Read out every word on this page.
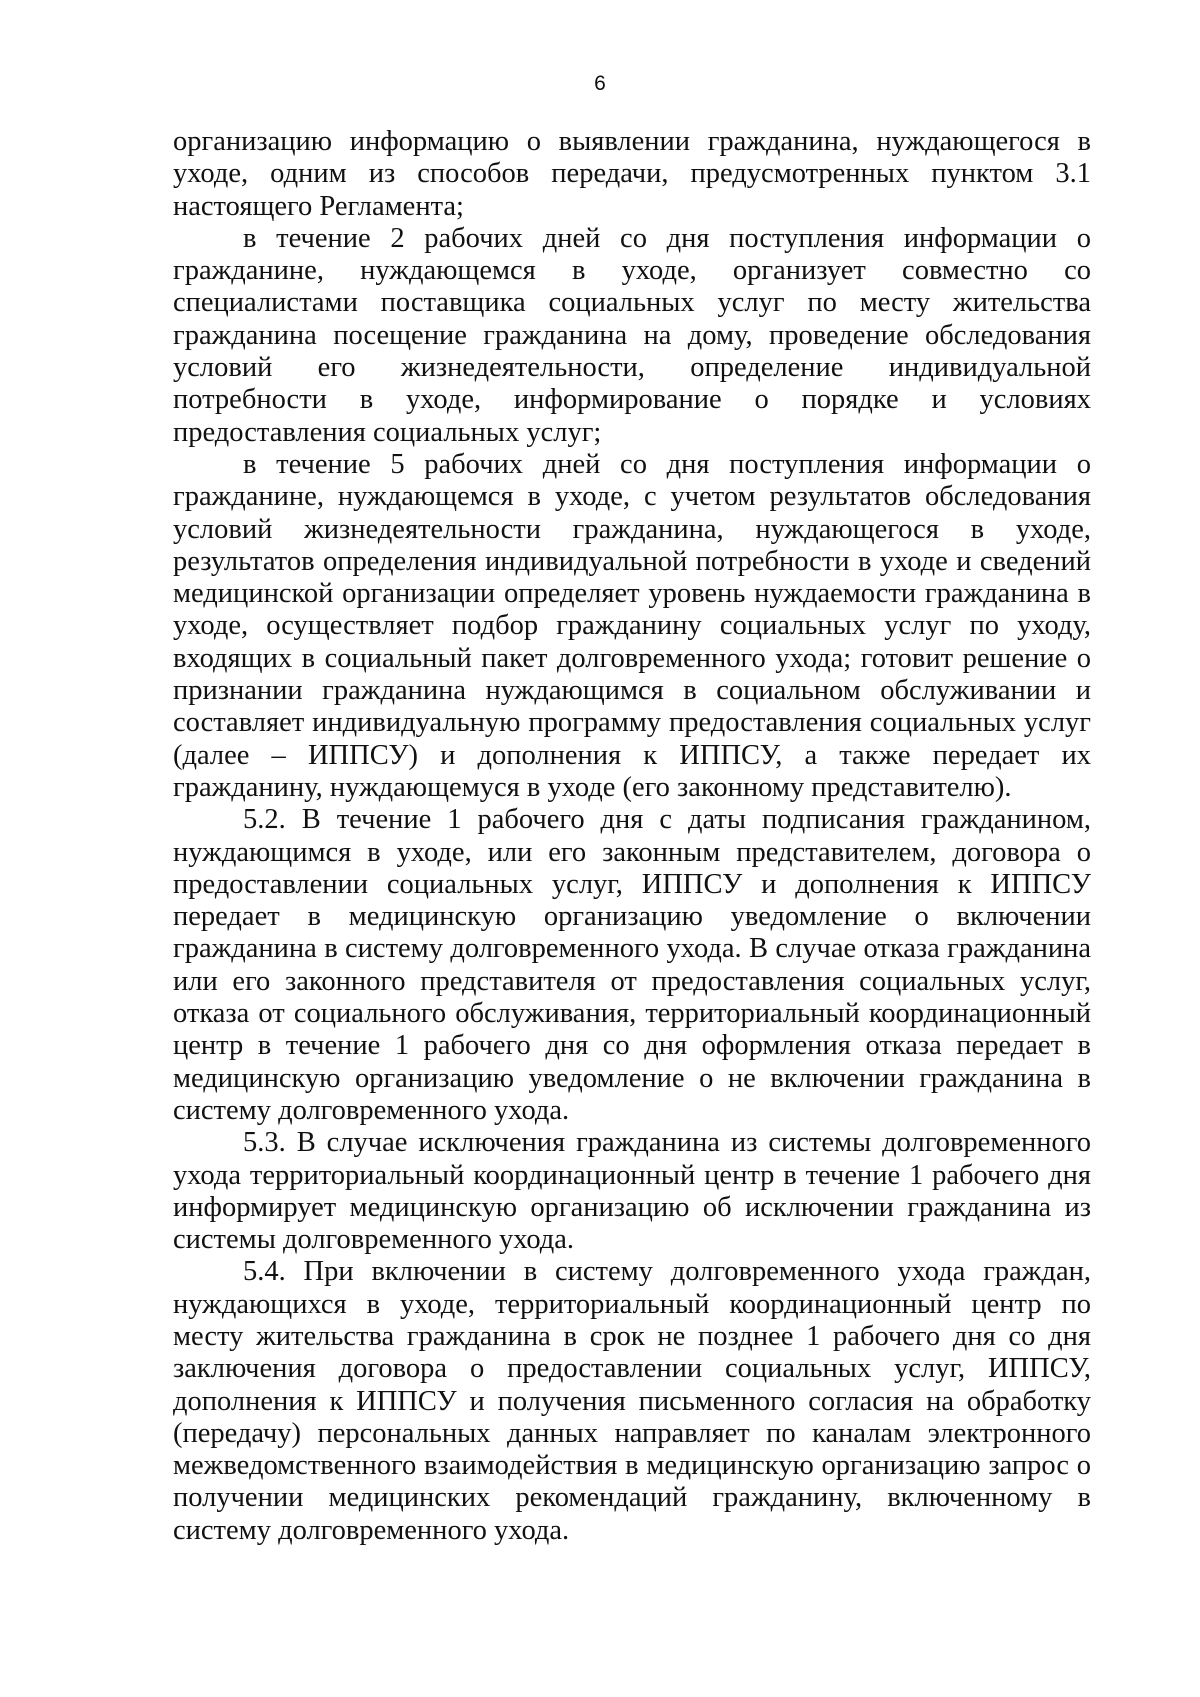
6

организацию информацию о выявлении гражданина, нуждающегося в уходе, одним из способов передачи, предусмотренных пунктом 3.1 настоящего Регламента;

в течение 2 рабочих дней со дня поступления информации о гражданине, нуждающемся в уходе, организует совместно со специалистами поставщика социальных услуг по месту жительства гражданина посещение гражданина на дому, проведение обследования условий его жизнедеятельности, определение индивидуальной потребности в уходе, информирование о порядке и условиях предоставления социальных услуг;

в течение 5 рабочих дней со дня поступления информации о гражданине, нуждающемся в уходе, с учетом результатов обследования условий жизнедеятельности гражданина, нуждающегося в уходе, результатов определения индивидуальной потребности в уходе и сведений медицинской организации определяет уровень нуждаемости гражданина в уходе, осуществляет подбор гражданину социальных услуг по уходу, входящих в социальный пакет долговременного ухода; готовит решение о признании гражданина нуждающимся в социальном обслуживании и составляет индивидуальную программу предоставления социальных услуг (далее – ИППСУ) и дополнения к ИППСУ, а также передает их гражданину, нуждающемуся в уходе (его законному представителю).

5.2. В течение 1 рабочего дня с даты подписания гражданином, нуждающимся в уходе, или его законным представителем, договора о предоставлении социальных услуг, ИППСУ и дополнения к ИППСУ передает в медицинскую организацию уведомление о включении гражданина в систему долговременного ухода. В случае отказа гражданина или его законного представителя от предоставления социальных услуг, отказа от социального обслуживания, территориальный координационный центр в течение 1 рабочего дня со дня оформления отказа передает в медицинскую организацию уведомление о не включении гражданина в систему долговременного ухода.

5.3. В случае исключения гражданина из системы долговременного ухода территориальный координационный центр в течение 1 рабочего дня информирует медицинскую организацию об исключении гражданина из системы долговременного ухода.

5.4. При включении в систему долговременного ухода граждан, нуждающихся в уходе, территориальный координационный центр по месту жительства гражданина в срок не позднее 1 рабочего дня со дня заключения договора о предоставлении социальных услуг, ИППСУ, дополнения к ИППСУ и получения письменного согласия на обработку (передачу) персональных данных направляет по каналам электронного межведомственного взаимодействия в медицинскую организацию запрос о получении медицинских рекомендаций гражданину, включенному в систему долговременного ухода.
